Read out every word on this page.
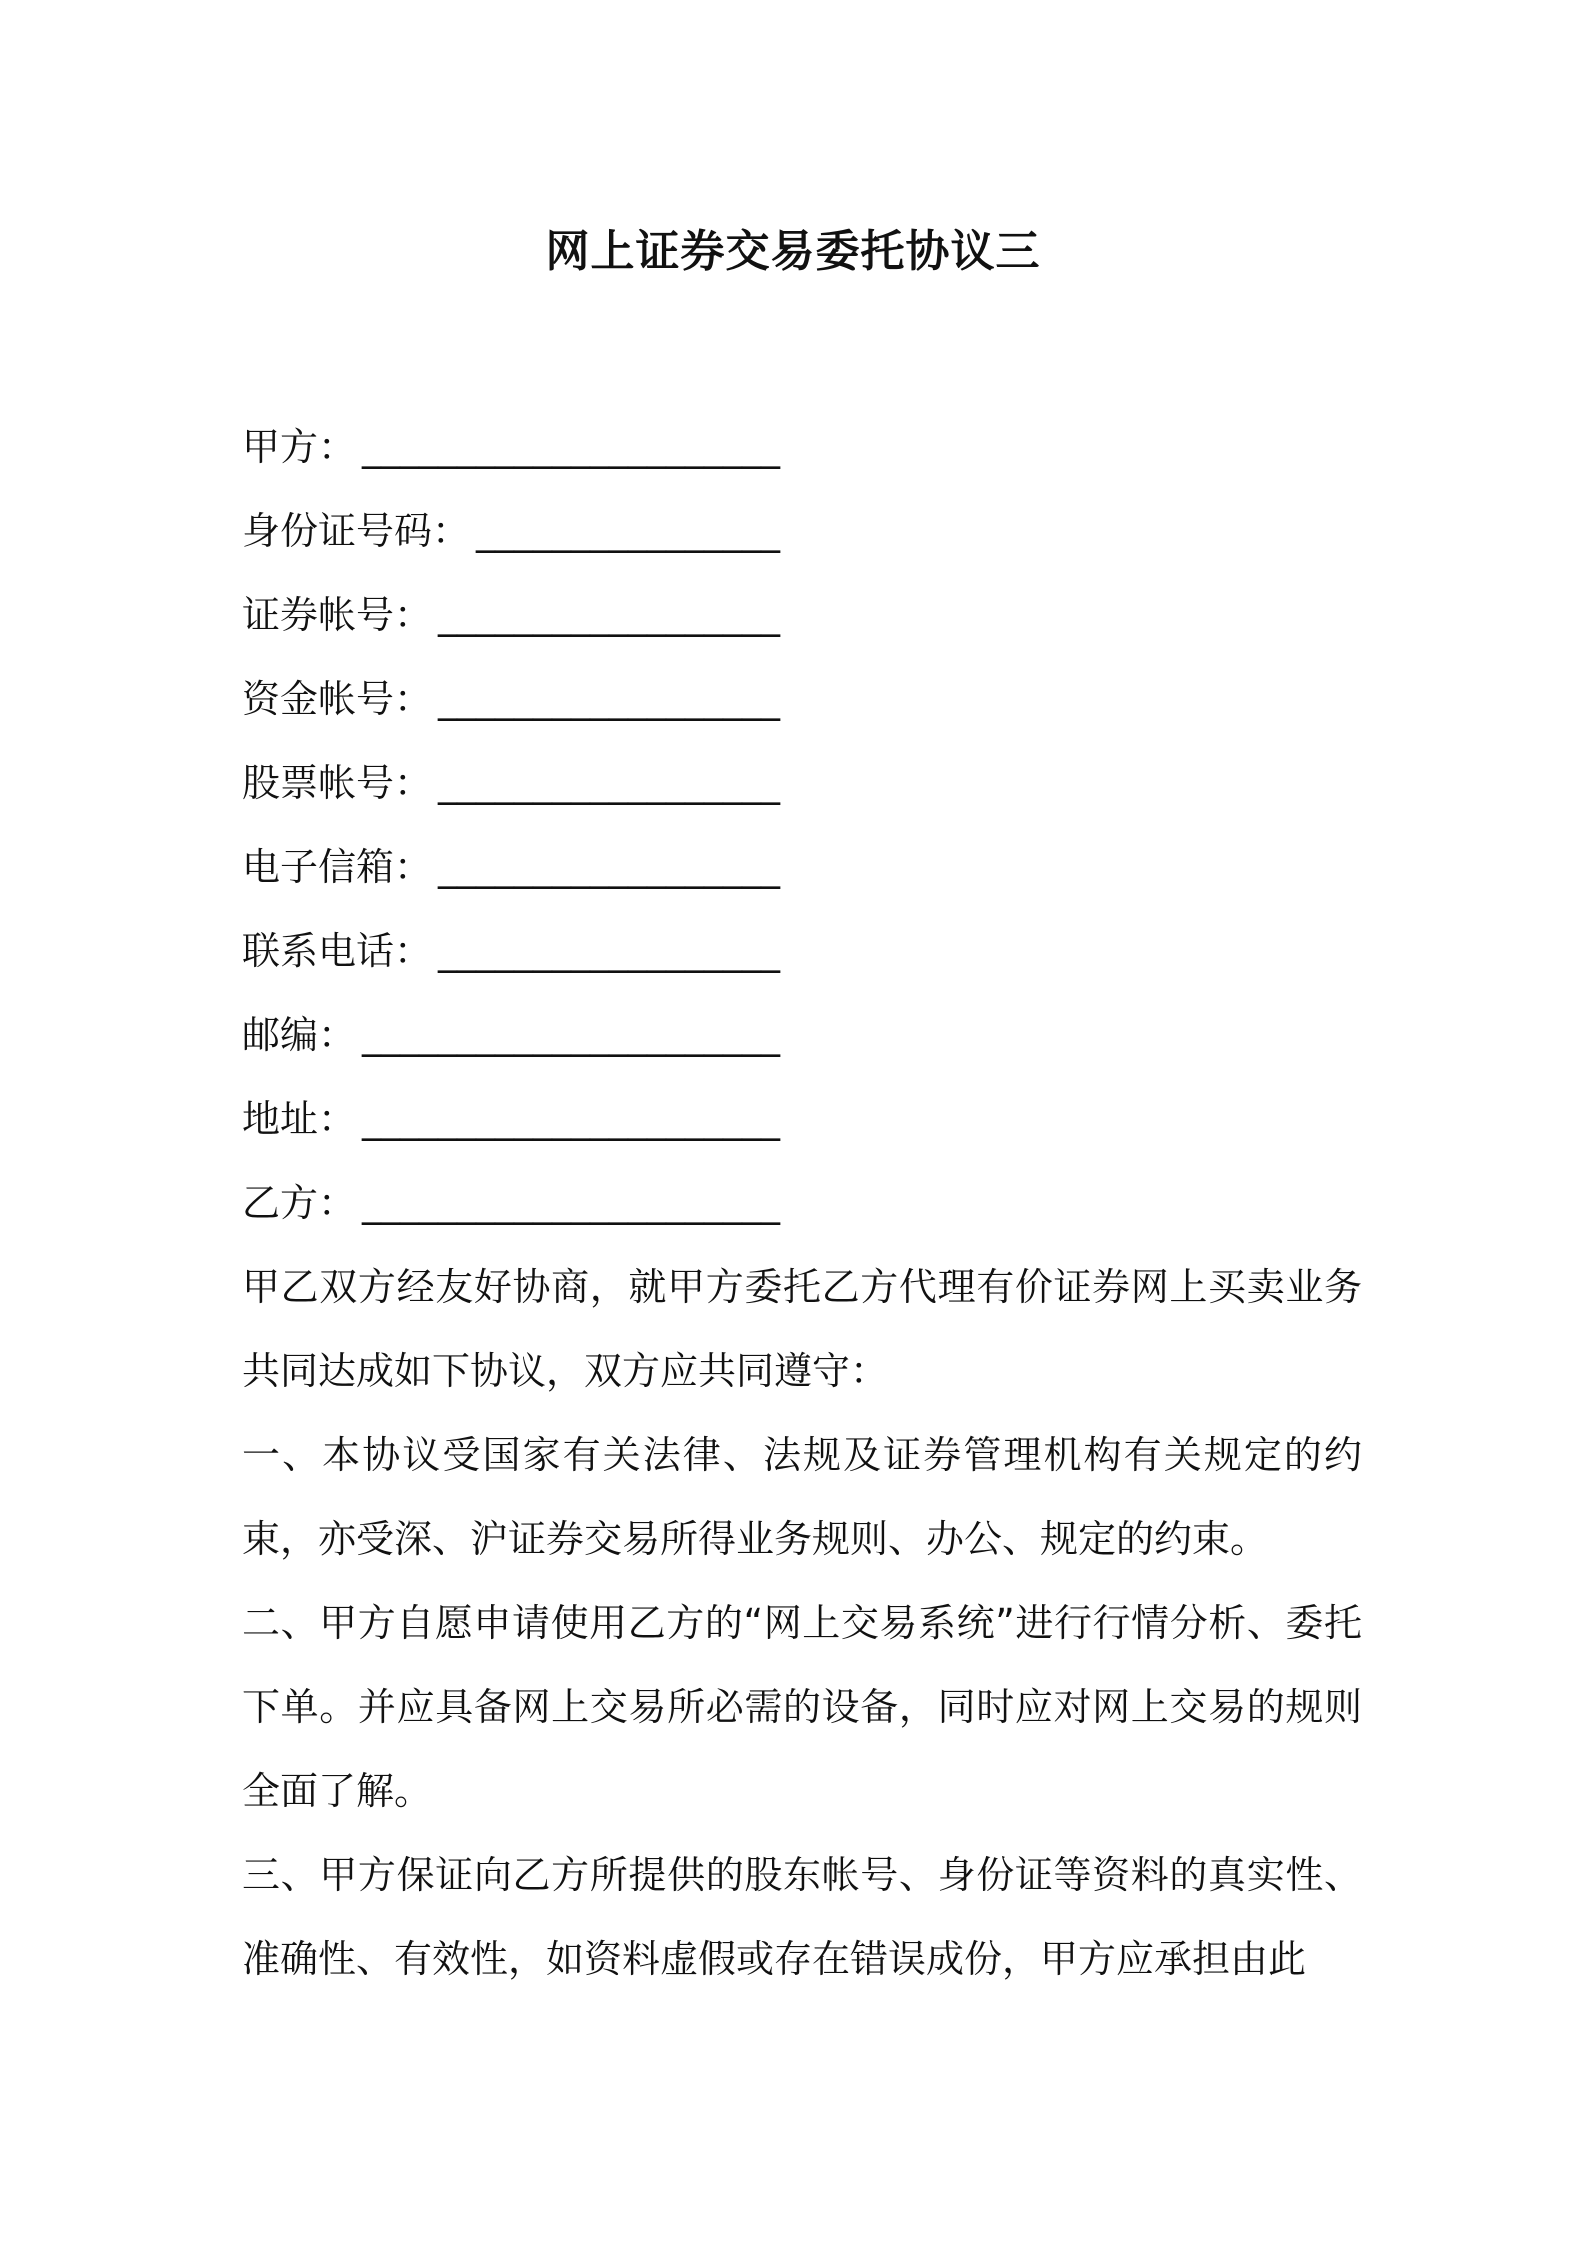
网上证券交易委托协议三
甲方： ______________________
身份证号码： ________________
证券帐号： __________________
资金帐号： __________________
股票帐号： __________________
电子信箱： __________________
联系电话： __________________
邮编： ______________________
地址： ______________________
乙方： ______________________

甲乙双方经友好协商，就甲方委托乙方代理有价证券网上买卖业务共同达成如下协议，双方应共同遵守：

一、本协议受国家有关法律、法规及证券管理机构有关规定的约束，亦受深、沪证券交易所得业务规则、办公、规定的约束。

二、甲方自愿申请使用乙方的“网上交易系统”进行行情分析、委托下单。并应具备网上交易所必需的设备，同时应对网上交易的规则全面了解。

三、甲方保证向乙方所提供的股东帐号、身份证等资料的真实性、准确性、有效性，如资料虚假或存在错误成份，甲方应承担由此
